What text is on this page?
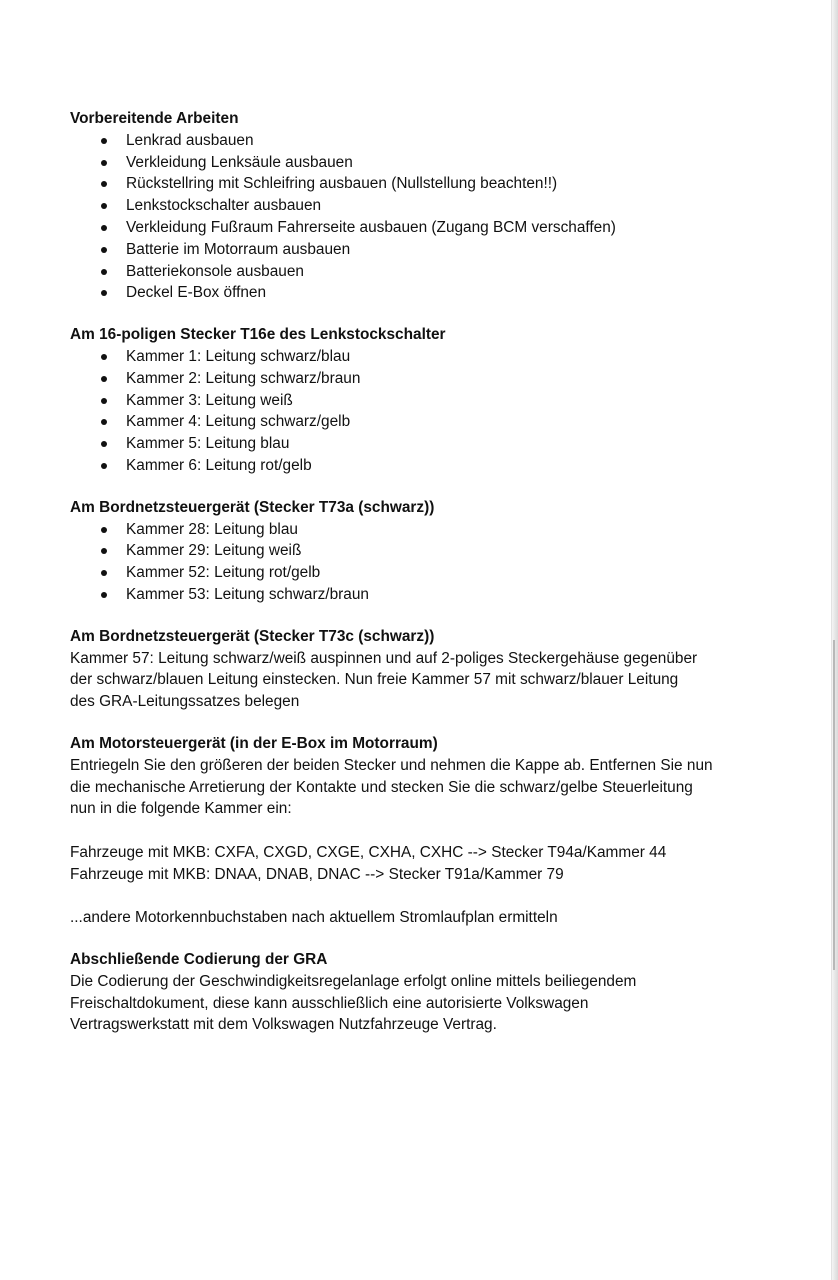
Vorbereitende Arbeiten

Lenkrad ausbauen
Verkleidung Lenksäule ausbauen
Rückstellring mit Schleifring ausbauen (Nullstellung beachten!!)
Lenkstockschalter ausbauen
Verkleidung Fußraum Fahrerseite ausbauen (Zugang BCM verschaffen)
Batterie im Motorraum ausbauen
Batteriekonsole ausbauen
Deckel E-Box öffnen

Am 16-poligen Stecker T16e des Lenkstockschalter

Kammer 1: Leitung schwarz/blau
Kammer 2: Leitung schwarz/braun
Kammer 3: Leitung weiß
Kammer 4: Leitung schwarz/gelb
Kammer 5: Leitung blau
Kammer 6: Leitung rot/gelb

Am Bordnetzsteuergerät (Stecker T73a (schwarz))

Kammer 28: Leitung blau
Kammer 29: Leitung weiß
Kammer 52: Leitung rot/gelb
Kammer 53: Leitung schwarz/braun

Am Bordnetzsteuergerät (Stecker T73c (schwarz))

Kammer 57: Leitung schwarz/weiß auspinnen und auf 2-poliges Steckergehäuse gegenüber

der schwarz/blauen Leitung einstecken. Nun freie Kammer 57 mit schwarz/blauer Leitung

des GRA-Leitungssatzes belegen

Am Motorsteuergerät (in der E-Box im Motorraum)

Entriegeln Sie den größeren der beiden Stecker und nehmen die Kappe ab. Entfernen Sie nun

die mechanische Arretierung der Kontakte und stecken Sie die schwarz/gelbe Steuerleitung

nun in die folgende Kammer ein:

Fahrzeuge mit MKB: CXFA, CXGD, CXGE, CXHA, CXHC --> Stecker T94a/Kammer 44

Fahrzeuge mit MKB: DNAA, DNAB, DNAC --> Stecker T91a/Kammer 79

...andere Motorkennbuchstaben nach aktuellem Stromlaufplan ermitteln

Abschließende Codierung der GRA

Die Codierung der Geschwindigkeitsregelanlage erfolgt online mittels beiliegendem

Freischaltdokument, diese kann ausschließlich eine autorisierte Volkswagen

Vertragswerkstatt mit dem Volkswagen Nutzfahrzeuge Vertrag.
